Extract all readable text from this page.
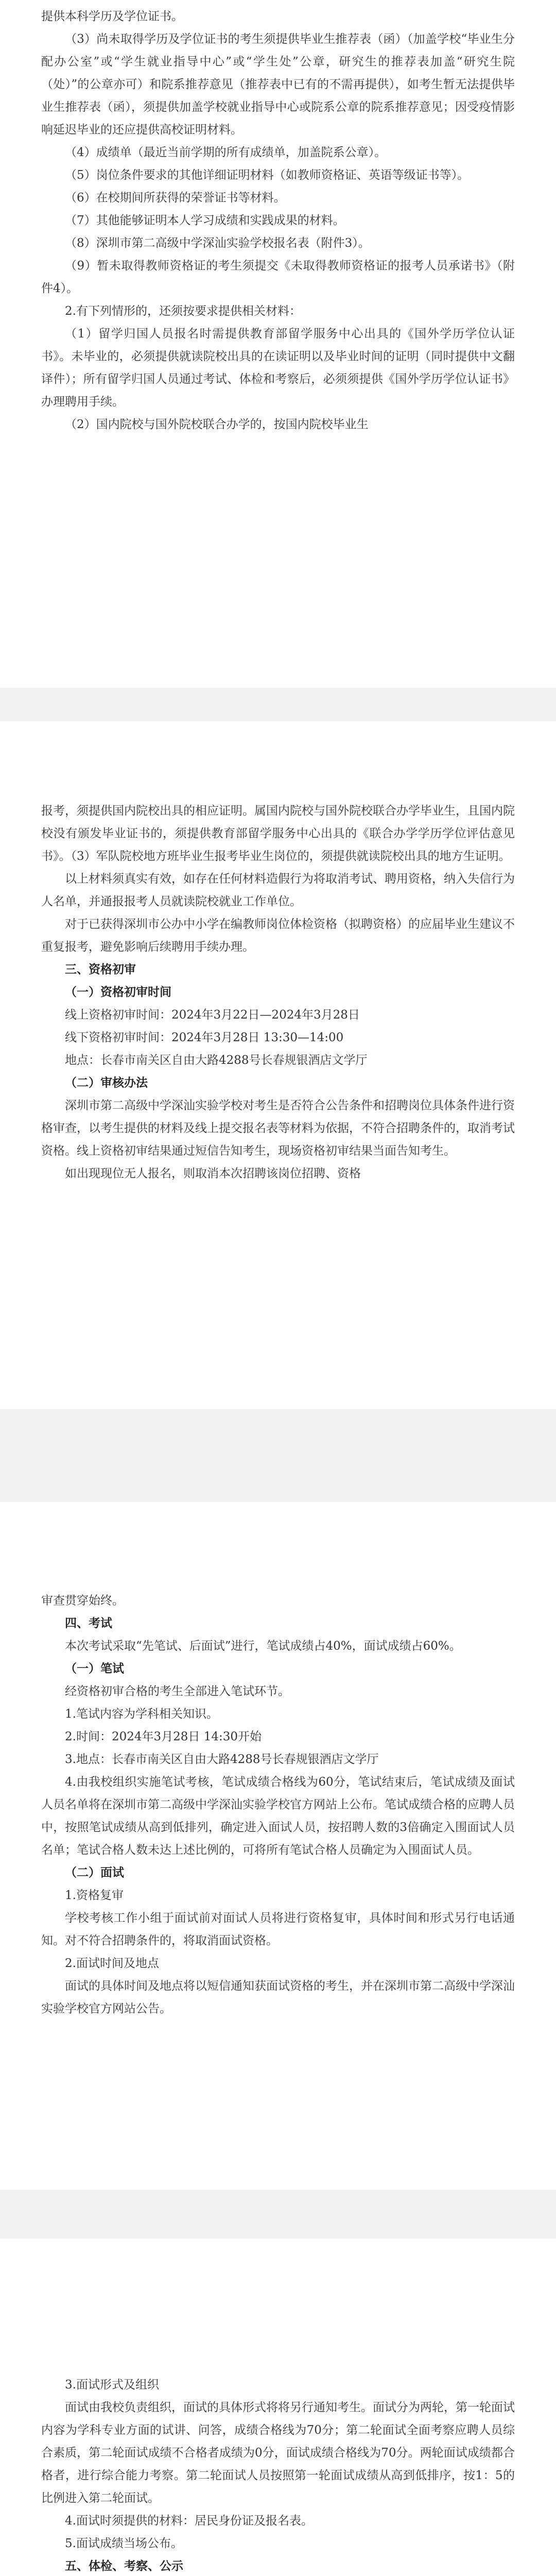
提供本科学历及学位证书。

（3）尚未取得学历及学位证书的考生须提供毕业生推荐表（函）（加盖学校“毕业生分配办公室”或“学生就业指导中心”或“学生处”公章，研究生的推荐表加盖“研究生院（处）”的公章亦可）和院系推荐意见（推荐表中已有的不需再提供），如考生暂无法提供毕业生推荐表（函），须提供加盖学校就业指导中心或院系公章的院系推荐意见；因受疫情影响延迟毕业的还应提供高校证明材料。

（4）成绩单（最近当前学期的所有成绩单，加盖院系公章）。

（5）岗位条件要求的其他详细证明材料（如教师资格证、英语等级证书等）。

（6）在校期间所获得的荣誉证书等材料。

（7）其他能够证明本人学习成绩和实践成果的材料。

（8）深圳市第二高级中学深汕实验学校报名表（附件3）。

（9）暂未取得教师资格证的考生须提交《未取得教师资格证的报考人员承诺书》（附件4）。

2.有下列情形的，还须按要求提供相关材料：

（1）留学归国人员报名时需提供教育部留学服务中心出具的《国外学历学位认证书》。未毕业的，必须提供就读院校出具的在读证明以及毕业时间的证明（同时提供中文翻译件）；所有留学归国人员通过考试、体检和考察后，必须须提供《国外学历学位认证书》办理聘用手续。

（2）国内院校与国外院校联合办学的，按国内院校毕业生

报考，须提供国内院校出具的相应证明。属国内院校与国外院校联合办学毕业生，且国内院校没有颁发毕业证书的，须提供教育部留学服务中心出具的《联合办学学历学位评估意见书》。（3）军队院校地方班毕业生报考毕业生岗位的，须提供就读院校出具的地方生证明。

以上材料须真实有效，如存在任何材料造假行为将取消考试、聘用资格，纳入失信行为人名单，并通报报考人员就读院校就业工作单位。

对于已获得深圳市公办中小学在编教师岗位体检资格（拟聘资格）的应届毕业生建议不重复报考，避免影响后续聘用手续办理。

三、资格初审

（一）资格初审时间

线上资格初审时间：2024年3月22日—2024年3月28日

线下资格初审时间：2024年3月28日 13:30—14:00

地点：长春市南关区自由大路4288号长春规银酒店文学厅

（二）审核办法

深圳市第二高级中学深汕实验学校对考生是否符合公告条件和招聘岗位具体条件进行资格审查，以考生提供的材料及线上提交报名表等材料为依据，不符合招聘条件的，取消考试资格。线上资格初审结果通过短信告知考生，现场资格初审结果当面告知考生。

如出现现位无人报名，则取消本次招聘该岗位招聘、资格

审查贯穿始终。

四、考试

本次考试采取“先笔试、后面试”进行，笔试成绩占40%，面试成绩占60%。

（一）笔试

经资格初审合格的考生全部进入笔试环节。

1.笔试内容为学科相关知识。

2.时间：2024年3月28日 14:30开始

3.地点：长春市南关区自由大路4288号长春规银酒店文学厅

4.由我校组织实施笔试考核，笔试成绩合格线为60分，笔试结束后，笔试成绩及面试人员名单将在深圳市第二高级中学深汕实验学校官方网站上公布。笔试成绩合格的应聘人员中，按照笔试成绩从高到低排列，确定进入面试人员，按招聘人数的3倍确定入围面试人员名单；笔试合格人数未达上述比例的，可将所有笔试合格人员确定为入围面试人员。

（二）面试

1.资格复审

学校考核工作小组于面试前对面试人员将进行资格复审，具体时间和形式另行电话通知。对不符合招聘条件的，将取消面试资格。

2.面试时间及地点

面试的具体时间及地点将以短信通知获面试资格的考生，并在深圳市第二高级中学深汕实验学校官方网站公告。

3.面试形式及组织

面试由我校负责组织，面试的具体形式将将另行通知考生。面试分为两轮，第一轮面试内容为学科专业方面的试讲、问答，成绩合格线为70分；第二轮面试全面考察应聘人员综合素质，第二轮面试成绩不合格者成绩为0分，面试成绩合格线为70分。两轮面试成绩都合格者，进行综合能力考察。第二轮面试人员按照第一轮面试成绩从高到低排序，按1：5的比例进入第二轮面试。

4.面试时须提供的材料：居民身份证及报名表。

5.面试成绩当场公布。

五、体检、考察、公示
